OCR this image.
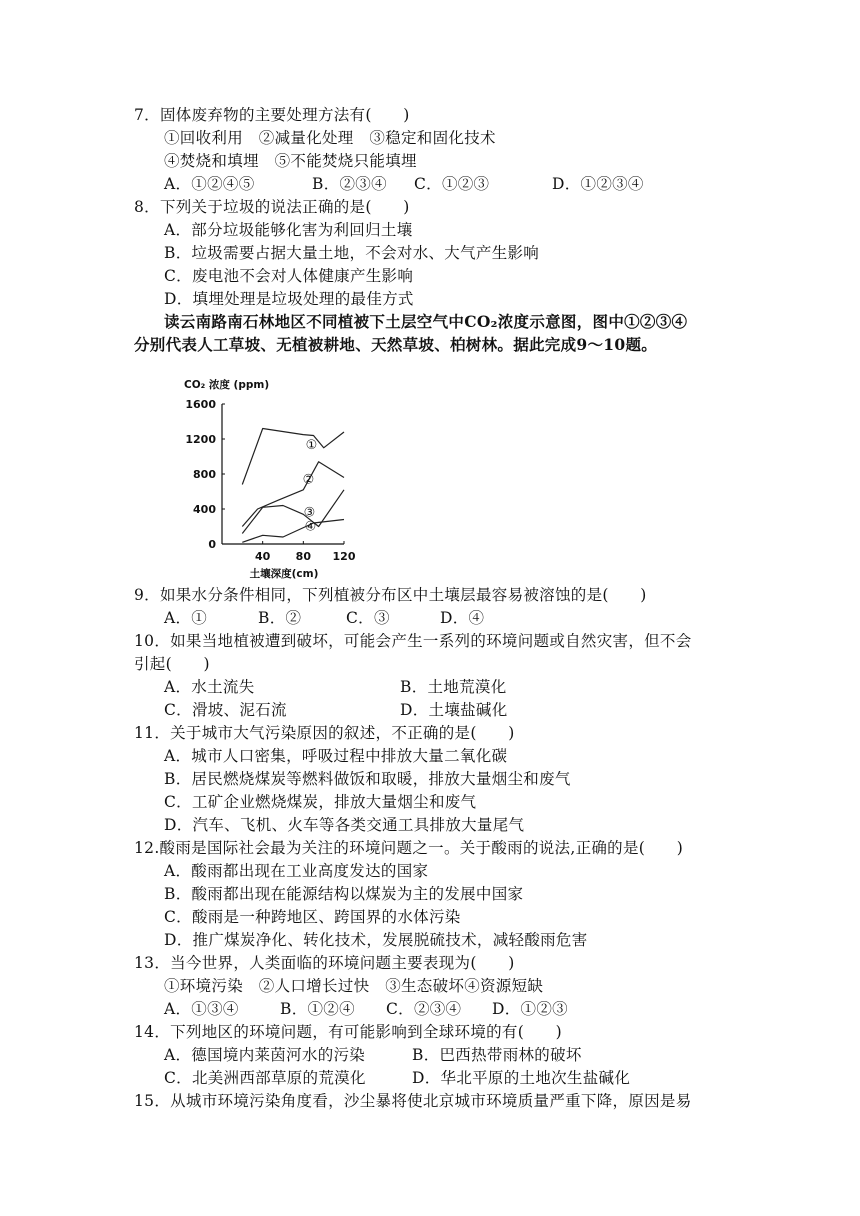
7．固体废弃物的主要处理方法有(　　)
①回收利用　②减量化处理　③稳定和固化技术
④焚烧和填埋　⑤不能焚烧只能填埋
A．①②④⑤	B．②③④ C．①②③	D．①②③④
8．下列关于垃圾的说法正确的是(　　)
A．部分垃圾能够化害为利回归土壤
B．垃圾需要占据大量土地，不会对水、大气产生影响
C．废电池不会对人体健康产生影响
D．填埋处理是垃圾处理的最佳方式
读云南路南石林地区不同植被下土层空气中CO₂浓度示意图，图中①②③④
分别代表人工草坡、无植被耕地、天然草坡、柏树林。据此完成9～10题。
CO₂ 浓度 (ppm)
0
400
800
1200
1600
40 80 120
①
②
③
④
土壤深度(cm)
9．如果水分条件相同，下列植被分布区中土壤层最容易被溶蚀的是(　　)
A．①	B．②	C．③	D．④
10．如果当地植被遭到破坏，可能会产生一系列的环境问题或自然灾害，但不会
引起(　　)
A．水土流失	B．土地荒漠化
C．滑坡、泥石流	D．土壤盐碱化
11．关于城市大气污染原因的叙述，不正确的是(　　)
A．城市人口密集，呼吸过程中排放大量二氧化碳
B．居民燃烧煤炭等燃料做饭和取暖，排放大量烟尘和废气
C．工矿企业燃烧煤炭，排放大量烟尘和废气
D．汽车、飞机、火车等各类交通工具排放大量尾气
12.酸雨是国际社会最为关注的环境问题之一。关于酸雨的说法,正确的是(　　)
A．酸雨都出现在工业高度发达的国家
B．酸雨都出现在能源结构以煤炭为主的发展中国家
C．酸雨是一种跨地区、跨国界的水体污染
D．推广煤炭净化、转化技术，发展脱硫技术，减轻酸雨危害
13．当今世界，人类面临的环境问题主要表现为(　　)
①环境污染　②人口增长过快　③生态破坏④资源短缺
A．①③④	B．①②④ C．②③④ D．①②③
14．下列地区的环境问题，有可能影响到全球环境的有(　　)
A．德国境内莱茵河水的污染	B．巴西热带雨林的破坏
C．北美洲西部草原的荒漠化	D．华北平原的土地次生盐碱化
15．从城市环境污染角度看，沙尘暴将使北京城市环境质量严重下降，原因是易
